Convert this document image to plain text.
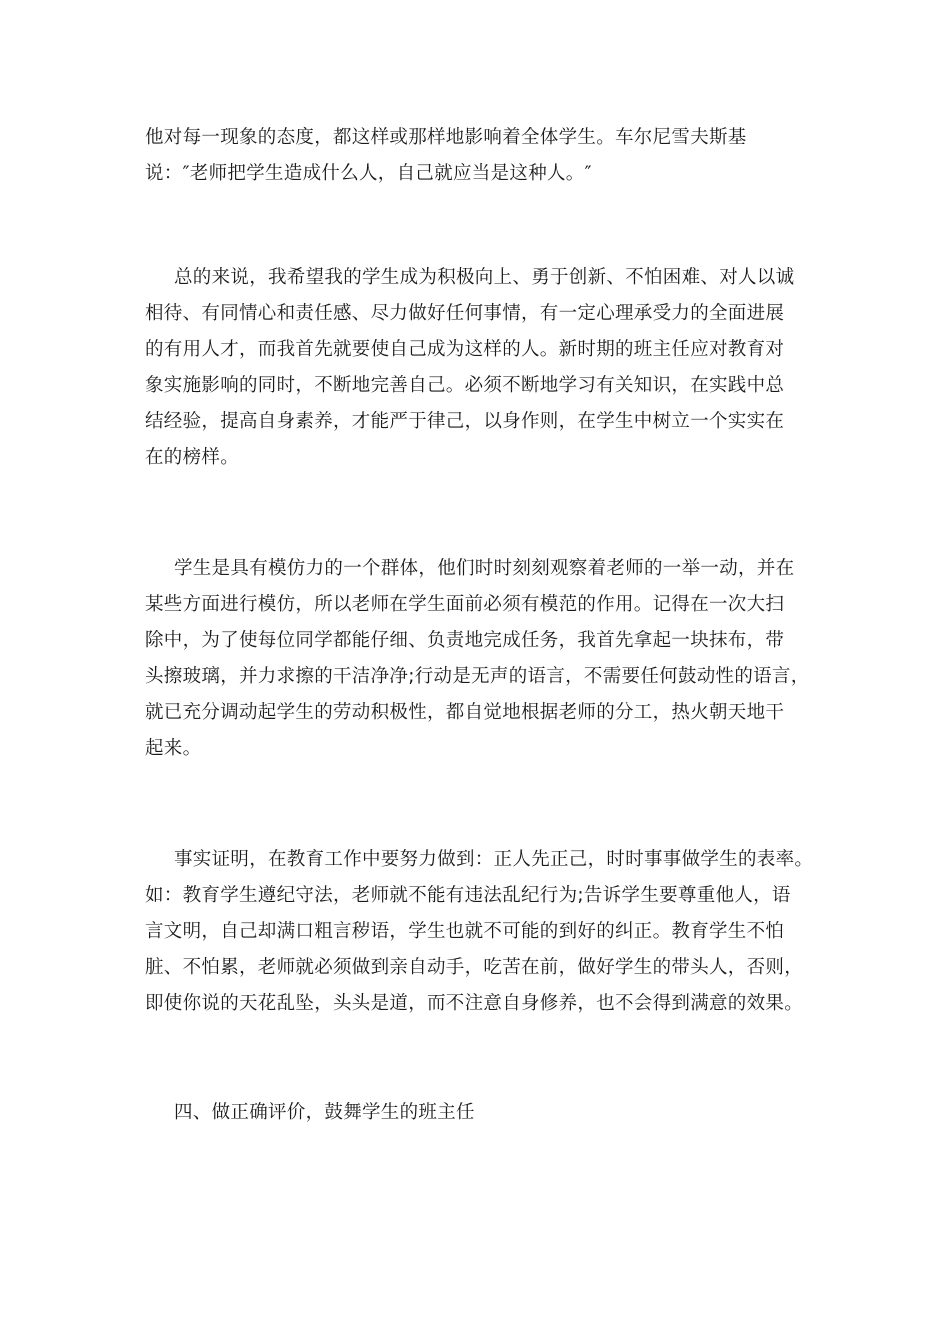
他对每一现象的态度，都这样或那样地影响着全体学生。车尔尼雪夫斯基
说：″老师把学生造成什么人，自己就应当是这种人。″
总的来说，我希望我的学生成为积极向上、勇于创新、不怕困难、对人以诚
相待、有同情心和责任感、尽力做好任何事情，有一定心理承受力的全面进展
的有用人才，而我首先就要使自己成为这样的人。新时期的班主任应对教育对
象实施影响的同时，不断地完善自己。必须不断地学习有关知识，在实践中总
结经验，提高自身素养，才能严于律己，以身作则，在学生中树立一个实实在
在的榜样。
学生是具有模仿力的一个群体，他们时时刻刻观察着老师的一举一动，并在
某些方面进行模仿，所以老师在学生面前必须有模范的作用。记得在一次大扫
除中，为了使每位同学都能仔细、负责地完成任务，我首先拿起一块抹布，带
头擦玻璃，并力求擦的干洁净净;行动是无声的语言，不需要任何鼓动性的语言，
就已充分调动起学生的劳动积极性，都自觉地根据老师的分工，热火朝天地干
起来。
事实证明，在教育工作中要努力做到：正人先正己，时时事事做学生的表率。
如：教育学生遵纪守法，老师就不能有违法乱纪行为;告诉学生要尊重他人，语
言文明，自己却满口粗言秽语，学生也就不可能的到好的纠正。教育学生不怕
脏、不怕累，老师就必须做到亲自动手，吃苦在前，做好学生的带头人，否则，
即使你说的天花乱坠，头头是道，而不注意自身修养，也不会得到满意的效果。
四、做正确评价，鼓舞学生的班主任
